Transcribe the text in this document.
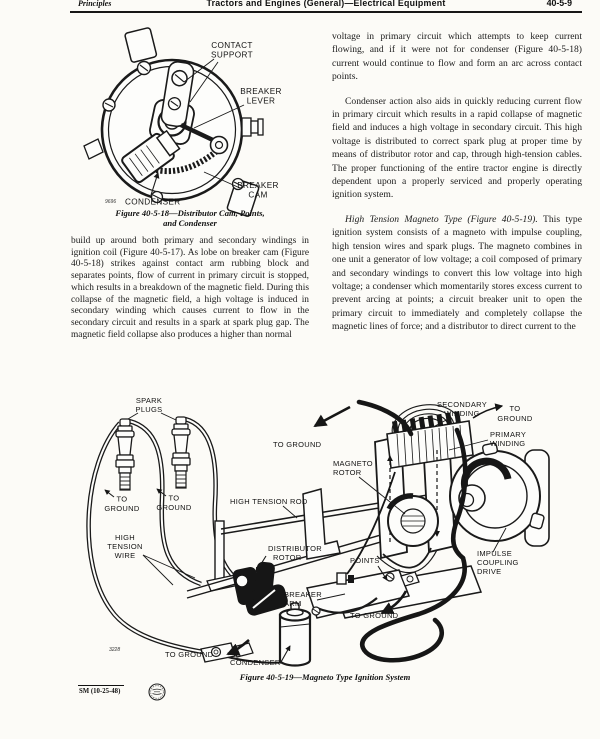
Principles	Tractors and Engines (General)—Electrical Equipment	40-5-9

voltage in primary circuit which attempts to keep current flowing, and if it were not for condenser (Figure 40-5-18) current would continue to flow and form an arc across contact points.

Condenser action also aids in quickly reducing current flow in primary circuit which results in a rapid collapse of magnetic field and induces a high voltage in secondary circuit. This high voltage is distributed to correct spark plug at proper time by means of distributor rotor and cap, through high-tension cables. The proper functioning of the entire tractor engine is directly dependent upon a properly serviced and properly operating ignition system.

High Tension Magneto Type (Figure 40-5-19). This type ignition system consists of a magneto with impulse coupling, high tension wires and spark plugs. The magneto combines in one unit a generator of low voltage; a coil composed of primary and secondary windings to convert this low voltage into high voltage; a condenser which momentarily stores excess current to prevent arcing at points; a circuit breaker unit to open the primary circuit to immediately and completely collapse the magnetic lines of force; and a distributor to direct current to the

CONTACT
SUPPORT
BREAKER
LEVER
BREAKER
CAM
CONDENSER
9696
Figure 40-5-18—Distributor Cam, Points,
and Condenser

build up around both primary and secondary windings in ignition coil (Figure 40-5-17). As lobe on breaker cam (Figure 40-5-18) strikes against contact arm rubbing block and separates points, flow of current in primary circuit is stopped, which results in a breakdown of the magnetic field. During this collapse of the magnetic field, a high voltage is induced in secondary winding which causes current to flow in the secondary circuit and results in a spark at spark plug gap. The magnetic field collapse also produces a higher than normal

SPARK
PLUGS
TO GROUND
TO
GROUND
TO
GROUND
HIGH TENSION ROD
HIGH
TENSION
WIRE
DISTRIBUTOR
ROTOR
SECONDARY
WINDING
TO
GROUND
PRIMARY
WINDING
MAGNETO
ROTOR
POINTS
IMPULSE
COUPLING
DRIVE
BREAKER
ARM
TO GROUND
TO GROUND
CONDENSER
3228
Figure 40-5-19—Magneto Type Ignition System
SM (10-25-48)
